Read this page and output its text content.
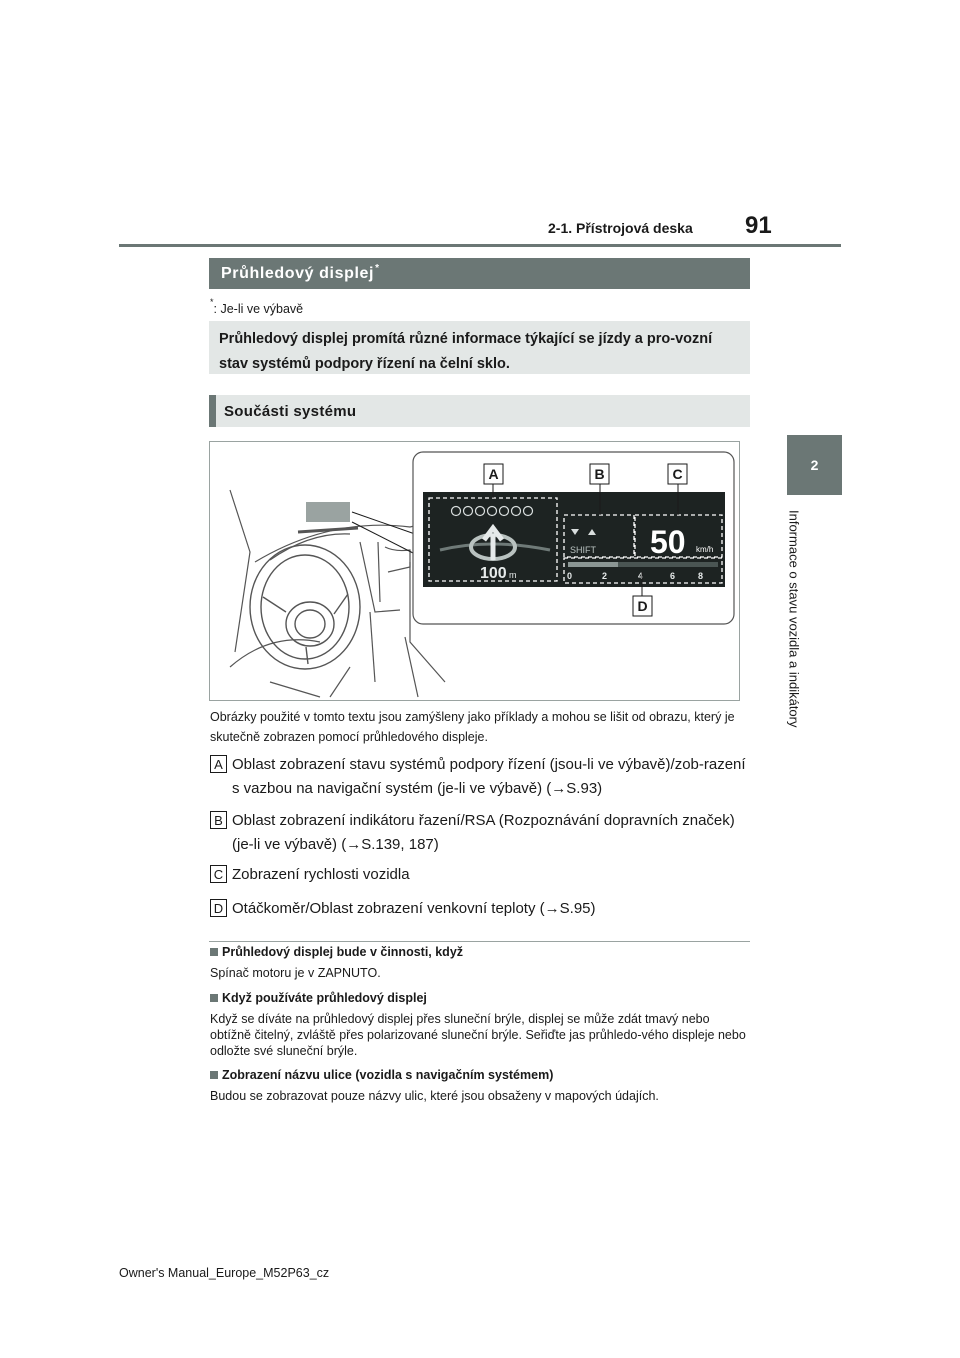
2-1. Přístrojová deska 91
2
Informace o stavu vozidla a indikátory
Průhledový displej*
*: Je-li ve výbavě
Průhledový displej promítá různé informace týkající se jízdy a pro-vozní stav systémů podpory řízení na čelní sklo.
Součásti systému
100 m
SHIFT 50 km/h
0	2	4	6	8
A	B	C
D
Obrázky použité v tomto textu jsou zamýšleny jako příklady a mohou se lišit od obrazu, který je skutečně zobrazen pomocí průhledového displeje.
A Oblast zobrazení stavu systémů podpory řízení (jsou-li ve výbavě)/zob-razení s vazbou na navigační systém (je-li ve výbavě) (→S.93)
B Oblast zobrazení indikátoru řazení/RSA (Rozpoznávání dopravních značek) (je-li ve výbavě) (→S.139, 187)
C Zobrazení rychlosti vozidla
D Otáčkoměr/Oblast zobrazení venkovní teploty (→S.95)
Průhledový displej bude v činnosti, když
Spínač motoru je v ZAPNUTO.
Když používáte průhledový displej
Když se díváte na průhledový displej přes sluneční brýle, displej se může zdát tmavý nebo obtížně čitelný, zvláště přes polarizované sluneční brýle. Seřiďte jas průhledo-vého displeje nebo odložte své sluneční brýle.
Zobrazení názvu ulice (vozidla s navigačním systémem)
Budou se zobrazovat pouze názvy ulic, které jsou obsaženy v mapových údajích.
Owner's Manual_Europe_M52P63_cz
